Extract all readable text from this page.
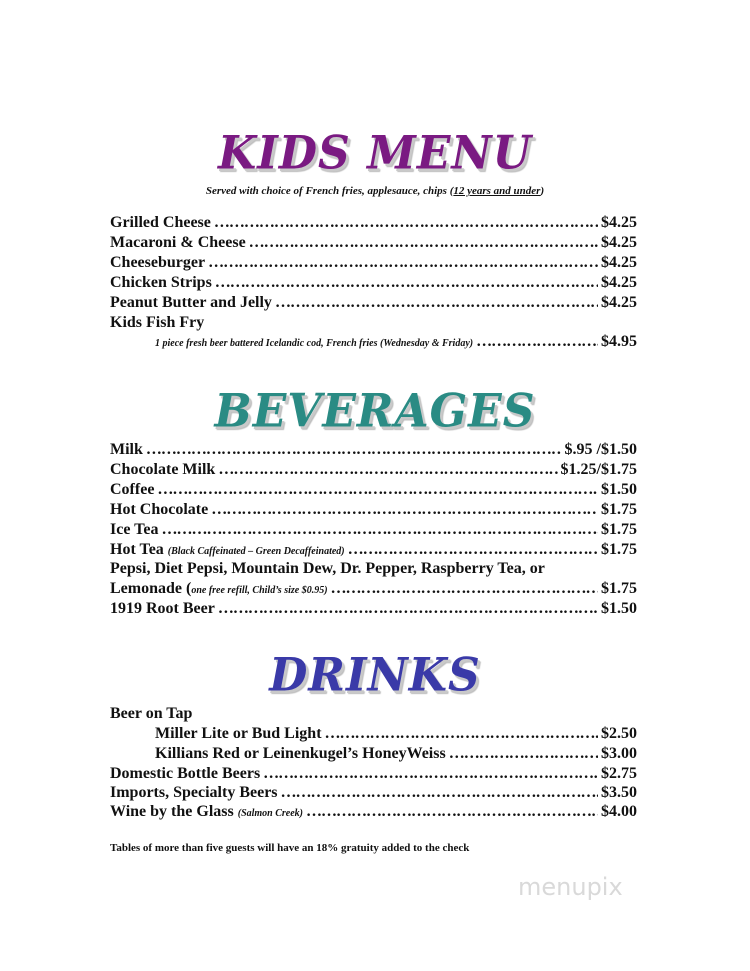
KIDS MENU
Served with choice of French fries, applesauce, chips (12 years and under)
Grilled Cheese …………………………………………………………………………………………………………	$4.25
Macaroni & Cheese …………………………………………………………………………………………………………	$4.25
Cheeseburger …………………………………………………………………………………………………………	$4.25
Chicken Strips …………………………………………………………………………………………………………	$4.25
Peanut Butter and Jelly …………………………………………………………………………………………………………	$4.25
Kids Fish Fry
1 piece fresh beer battered Icelandic cod, French fries (Wednesday & Friday) ………………………………………………	$4.95
BEVERAGES
Milk …………………………………………………………………………………………………………	$.95 /$1.50
Chocolate Milk …………………………………………………………………………………………………………	$1.25/$1.75
Coffee …………………………………………………………………………………………………………	$1.50
Hot Chocolate …………………………………………………………………………………………………………	$1.75
Ice Tea …………………………………………………………………………………………………………	$1.75
Hot Tea (Black Caffeinated – Green Decaffeinated) …………………………………………………………………………………………………………	$1.75
Pepsi, Diet Pepsi, Mountain Dew, Dr. Pepper, Raspberry Tea, or
Lemonade ( one free refill, Child’s size $0.95) …………………………………………………………………………………………………………	$1.75
1919 Root Beer …………………………………………………………………………………………………………	$1.50
DRINKS
Beer on Tap
Miller Lite or Bud Light …………………………………………………………………………………………………………	$2.50
Killians Red or Leinenkugel’s HoneyWeiss …………………………………………………………………………………………………………	$3.00
Domestic Bottle Beers …………………………………………………………………………………………………………	$2.75
Imports, Specialty Beers …………………………………………………………………………………………………………	$3.50
Wine by the Glass (Salmon Creek) …………………………………………………………………………………………………………	$4.00
Tables of more than five guests will have an 18% gratuity added to the check
menupix
